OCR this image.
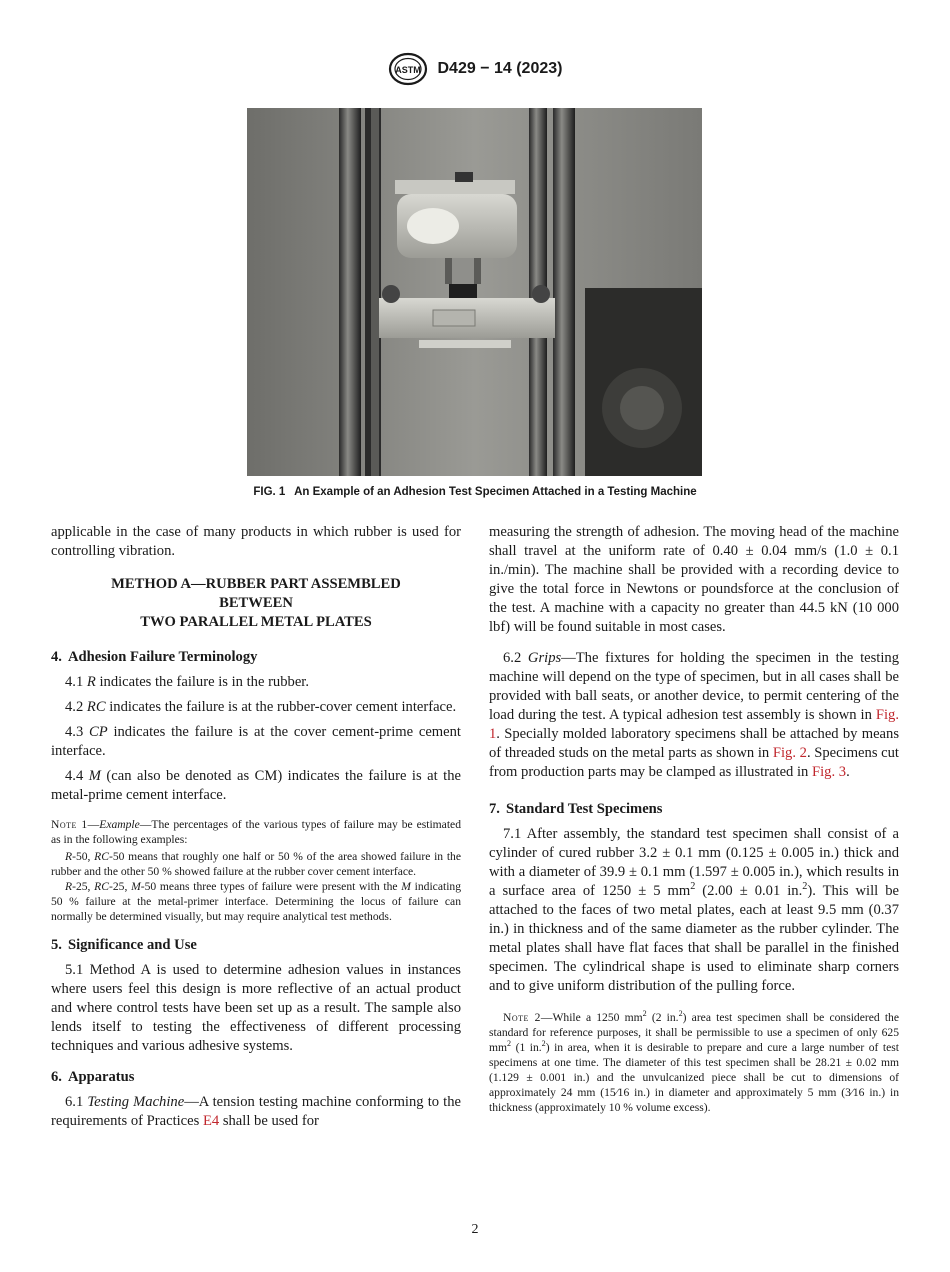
ASTM D429 − 14 (2023)
FIG. 1 An Example of an Adhesion Test Specimen Attached in a Testing Machine

applicable in the case of many products in which rubber is used for controlling vibration.

METHOD A—RUBBER PART ASSEMBLED
BETWEEN
TWO PARALLEL METAL PLATES
4. Adhesion Failure Terminology

4.1 R indicates the failure is in the rubber.

4.2 RC indicates the failure is at the rubber-cover cement interface.

4.3 CP indicates the failure is at the cover cement-prime cement interface.

4.4 M (can also be denoted as CM) indicates the failure is at the metal-prime cement interface.

Note 1—Example—The percentages of the various types of failure may be estimated as in the following examples:
R-50, RC-50 means that roughly one half or 50 % of the area showed failure in the rubber and the other 50 % showed failure at the rubber cover cement interface.
R-25, RC-25, M-50 means three types of failure were present with the M indicating 50 % failure at the metal-primer interface. Determining the locus of failure can normally be determined visually, but may require analytical test methods.
5. Significance and Use

5.1 Method A is used to determine adhesion values in instances where users feel this design is more reflective of an actual product and where control tests have been set up as a result. The sample also lends itself to testing the effectiveness of different processing techniques and various adhesive systems.

6. Apparatus

6.1 Testing Machine—A tension testing machine conforming to the requirements of Practices E4 shall be used for

measuring the strength of adhesion. The moving head of the machine shall travel at the uniform rate of 0.40 ± 0.04 mm/s (1.0 ± 0.1 in./min). The machine shall be provided with a recording device to give the total force in Newtons or poundsforce at the conclusion of the test. A machine with a capacity no greater than 44.5 kN (10 000 lbf) will be found suitable in most cases.

6.2 Grips—The fixtures for holding the specimen in the testing machine will depend on the type of specimen, but in all cases shall be provided with ball seats, or another device, to permit centering of the load during the test. A typical adhesion test assembly is shown in Fig. 1. Specially molded laboratory specimens shall be attached by means of threaded studs on the metal parts as shown in Fig. 2. Specimens cut from production parts may be clamped as illustrated in Fig. 3.

7. Standard Test Specimens

7.1 After assembly, the standard test specimen shall consist of a cylinder of cured rubber 3.2 ± 0.1 mm (0.125 ± 0.005 in.) thick and with a diameter of 39.9 ± 0.1 mm (1.597 ± 0.005 in.), which results in a surface area of 1250 ± 5 $mm^2$ (2.00 ± 0.01 in.$^2$). This will be attached to the faces of two metal plates, each at least 9.5 mm (0.37 in.) in thickness and of the same diameter as the rubber cylinder. The metal plates shall have flat faces that shall be parallel in the finished specimen. The cylindrical shape is used to eliminate sharp corners and to give uniform distribution of the pulling force.

Note 2—While a 1250 $mm^2$ (2 in.$^2$) area test specimen shall be considered the standard for reference purposes, it shall be permissible to use a specimen of only 625 $mm^2$ (1 in.$^2$) in area, when it is desirable to prepare and cure a large number of test specimens at one time. The diameter of this test specimen shall be 28.21 ± 0.02 mm (1.129 ± 0.001 in.) and the unvulcanized piece shall be cut to dimensions of approximately 24 mm (15⁄16 in.) in diameter and approximately 5 mm (3⁄16 in.) in thickness (approximately 10 % volume excess).
2
